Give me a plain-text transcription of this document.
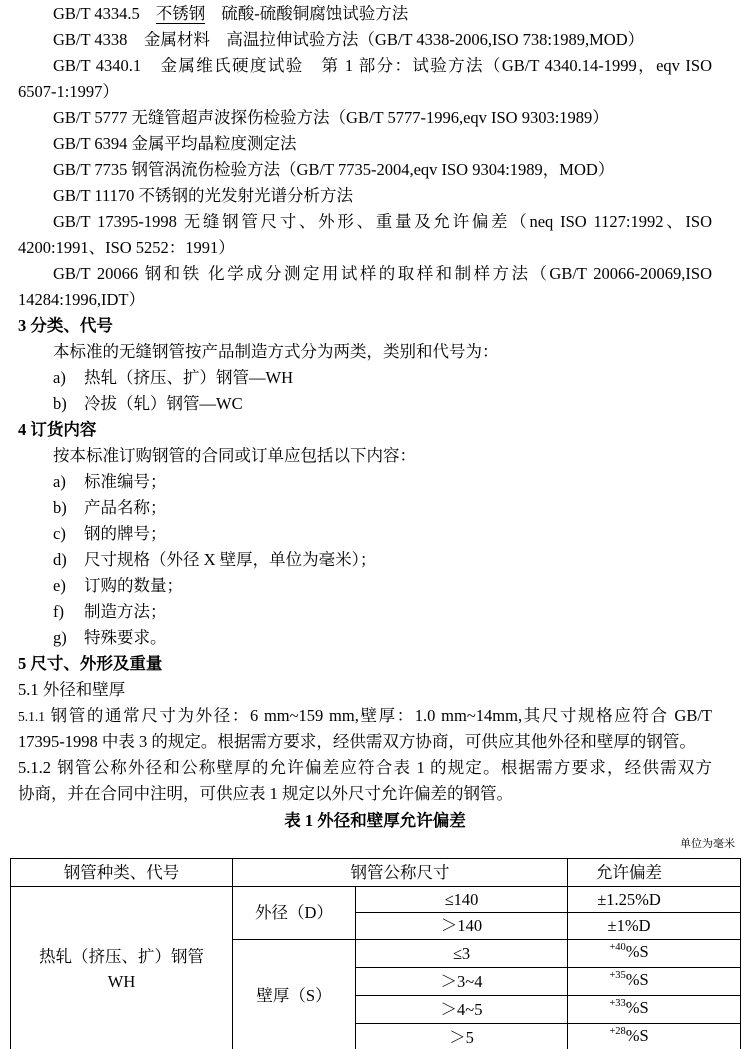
GB/T 4334.5 不锈钢 硫酸-硫酸铜腐蚀试验方法
GB/T 4338　金属材料　高温拉伸试验方法（GB/T 4338-2006,ISO 738:1989,MOD）
GB/T 4340.1　金属维氏硬度试验　第 1 部分：试验方法（GB/T 4340.14-1999，eqv ISO
6507-1:1997）
GB/T 5777 无缝管超声波探伤检验方法（GB/T 5777-1996,eqv ISO 9303:1989）
GB/T 6394 金属平均晶粒度测定法
GB/T 7735 钢管涡流伤检验方法（GB/T 7735-2004,eqv ISO 9304:1989，MOD）
GB/T 11170 不锈钢的光发射光谱分析方法
GB/T 17395-1998 无缝钢管尺寸、外形、重量及允许偏差（neq ISO 1127:1992、ISO
4200:1991、ISO 5252：1991）
GB/T 20066 钢和铁 化学成分测定用试样的取样和制样方法（GB/T 20066-20069,ISO
14284:1996,IDT）
3 分类、代号
本标准的无缝钢管按产品制造方式分为两类，类别和代号为：
a) 热轧（挤压、扩）钢管—WH
b) 冷拔（轧）钢管—WC
4 订货内容
按本标准订购钢管的合同或订单应包括以下内容：
a) 标准编号；
b) 产品名称；
c) 钢的牌号；
d) 尺寸规格（外径 X 壁厚，单位为毫米）；
e) 订购的数量；
f) 制造方法；
g) 特殊要求。
5 尺寸、外形及重量
5.1 外径和壁厚
5.1.1 钢管的通常尺寸为外径：6 mm~159 mm,壁厚：1.0 mm~14mm,其尺寸规格应符合 GB/T
17395-1998 中表 3 的规定。根据需方要求，经供需双方协商，可供应其他外径和壁厚的钢管。
5.1.2 钢管公称外径和公称壁厚的允许偏差应符合表 1 的规定。根据需方要求，经供需双方
协商，并在合同中注明，可供应表 1 规定以外尺寸允许偏差的钢管。
表 1 外径和壁厚允许偏差
单位为毫米
钢管种类、代号	钢管公称尺寸		允许偏差

热轧（挤压、扩）钢管
WH	外径（D）	≤140	±1.25%D
		＞140	±1%D
	壁厚（S）	≤3	$^{+40}$%S
		＞3~4	$^{+35}$%S
		＞4~5	$^{+33}$%S
		＞5	$^{+28}$%S
